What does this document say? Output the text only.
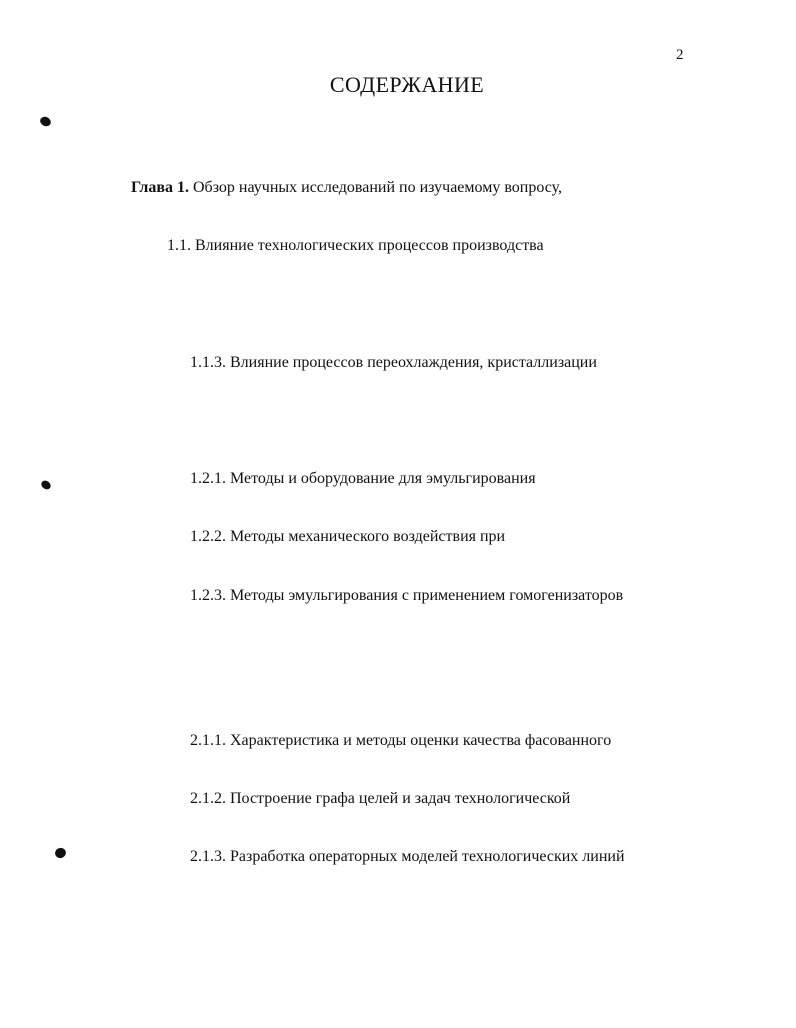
2
СОДЕРЖАНИЕ
Глава 1. Обзор научных исследований по изучаемому вопросу,
1.1. Влияние технологических процессов производства
1.1.3. Влияние процессов переохлаждения, кристаллизации
1.2.1. Методы и оборудование для эмульгирования
1.2.2. Методы механического воздействия при
1.2.3. Методы эмульгирования с применением гомогенизаторов
2.1.1. Характеристика и методы оценки качества фасованного
2.1.2. Построение графа целей и задач технологической
2.1.3. Разработка операторных моделей технологических линий
